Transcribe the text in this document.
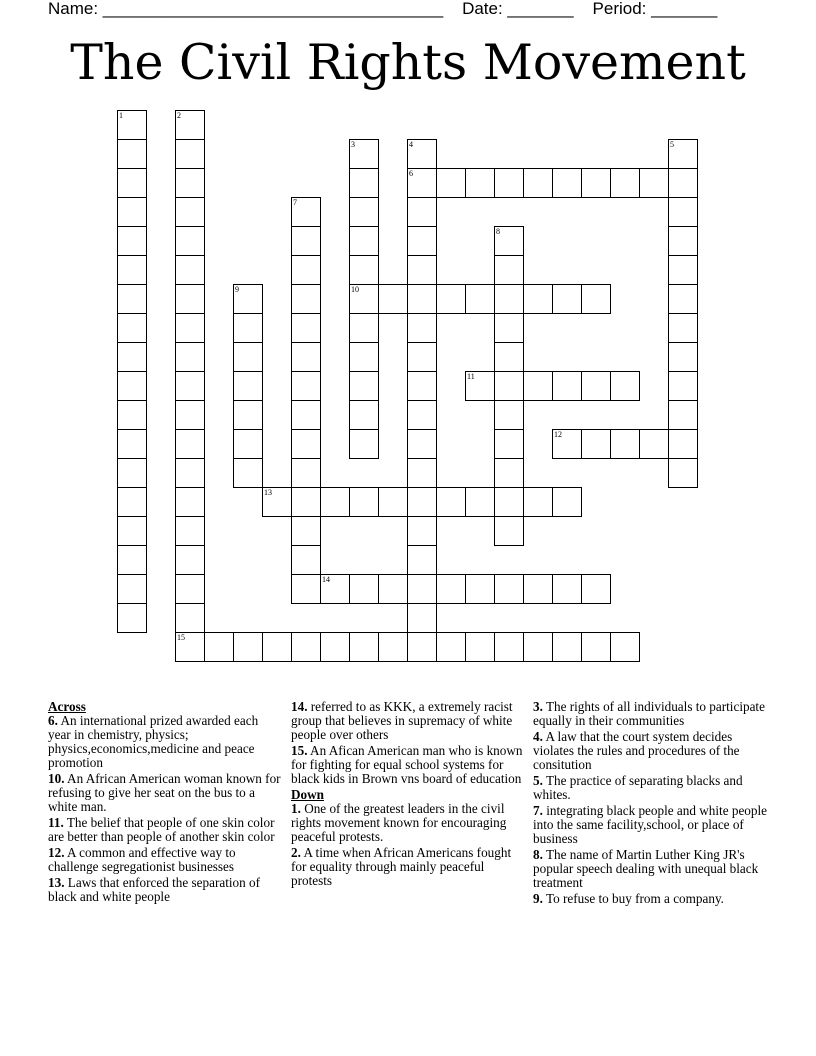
Name: ____________________________________ Date: _______ Period: _______
The Civil Rights Movement
1	2
15
3
10
4
6
5
7
8
9
11
12
13
14
Across
6. An international prized awarded each year in chemistry, physics; physics,economics,medicine and peace promotion
10. An African American woman known for refusing to give her seat on the bus to a white man.
11. The belief that people of one skin color are better than people of another skin color
12. A common and effective way to challenge segregationist businesses
13. Laws that enforced the separation of black and white people
14. referred to as KKK, a extremely racist group that believes in supremacy of white people over others
15. An Afican American man who is known for fighting for equal school systems for black kids in Brown vns board of education
Down
1. One of the greatest leaders in the civil rights movement known for encouraging peaceful protests.
2. A time when African Americans fought for equality through mainly peaceful protests
3. The rights of all individuals to participate equally in their communities
4. A law that the court system decides violates the rules and procedures of the consitution
5. The practice of separating blacks and whites.
7. integrating black people and white people into the same facility,school, or place of business
8. The name of Martin Luther King JR's popular speech dealing with unequal black treatment
9. To refuse to buy from a company.
